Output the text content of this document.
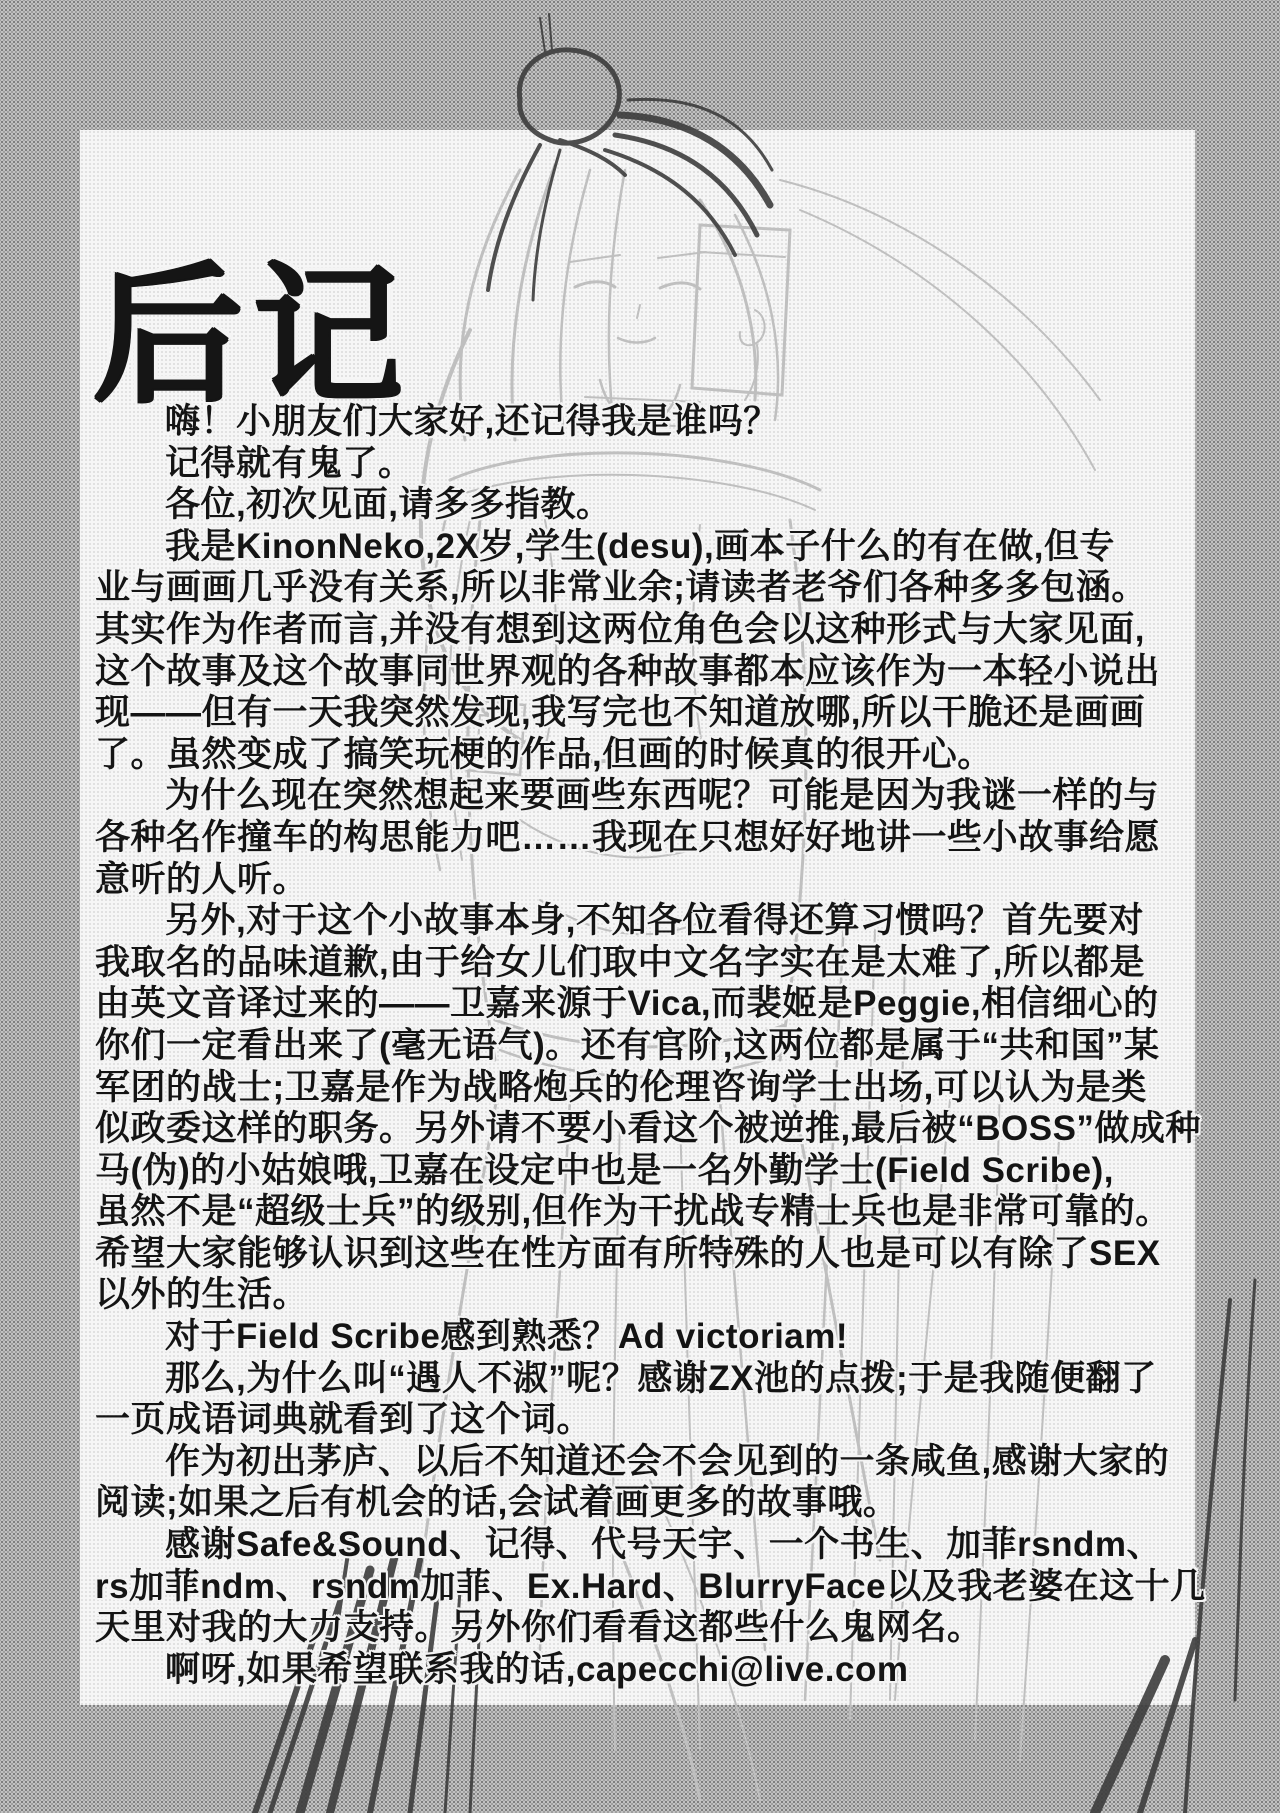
后记
嗨！小朋友们大家好,还记得我是谁吗？
记得就有鬼了。
各位,初次见面,请多多指教。
我是KinonNeko,2X岁,学生(desu),画本子什么的有在做,但专
业与画画几乎没有关系,所以非常业余;请读者老爷们各种多多包涵。
其实作为作者而言,并没有想到这两位角色会以这种形式与大家见面,
这个故事及这个故事同世界观的各种故事都本应该作为一本轻小说出
现——但有一天我突然发现,我写完也不知道放哪,所以干脆还是画画
了。虽然变成了搞笑玩梗的作品,但画的时候真的很开心。
为什么现在突然想起来要画些东西呢？可能是因为我谜一样的与
各种名作撞车的构思能力吧……我现在只想好好地讲一些小故事给愿
意听的人听。
另外,对于这个小故事本身,不知各位看得还算习惯吗？首先要对
我取名的品味道歉,由于给女儿们取中文名字实在是太难了,所以都是
由英文音译过来的——卫嘉来源于Vica,而裴姬是Peggie,相信细心的
你们一定看出来了(毫无语气)。还有官阶,这两位都是属于“共和国”某
军团的战士;卫嘉是作为战略炮兵的伦理咨询学士出场,可以认为是类
似政委这样的职务。另外请不要小看这个被逆推,最后被“BOSS”做成种
马(伪)的小姑娘哦,卫嘉在设定中也是一名外勤学士(Field Scribe),
虽然不是“超级士兵”的级别,但作为干扰战专精士兵也是非常可靠的。
希望大家能够认识到这些在性方面有所特殊的人也是可以有除了SEX
以外的生活。
对于Field Scribe感到熟悉？Ad victoriam!
那么,为什么叫“遇人不淑”呢？感谢ZX池的点拨;于是我随便翻了
一页成语词典就看到了这个词。
作为初出茅庐、以后不知道还会不会见到的一条咸鱼,感谢大家的
阅读;如果之后有机会的话,会试着画更多的故事哦。
感谢Safe&Sound、记得、代号天宇、一个书生、加菲rsndm、
rs加菲ndm、rsndm加菲、Ex.Hard、BlurryFace以及我老婆在这十几
天里对我的大力支持。另外你们看看这都些什么鬼网名。
啊呀,如果希望联系我的话,capecchi@live.com
